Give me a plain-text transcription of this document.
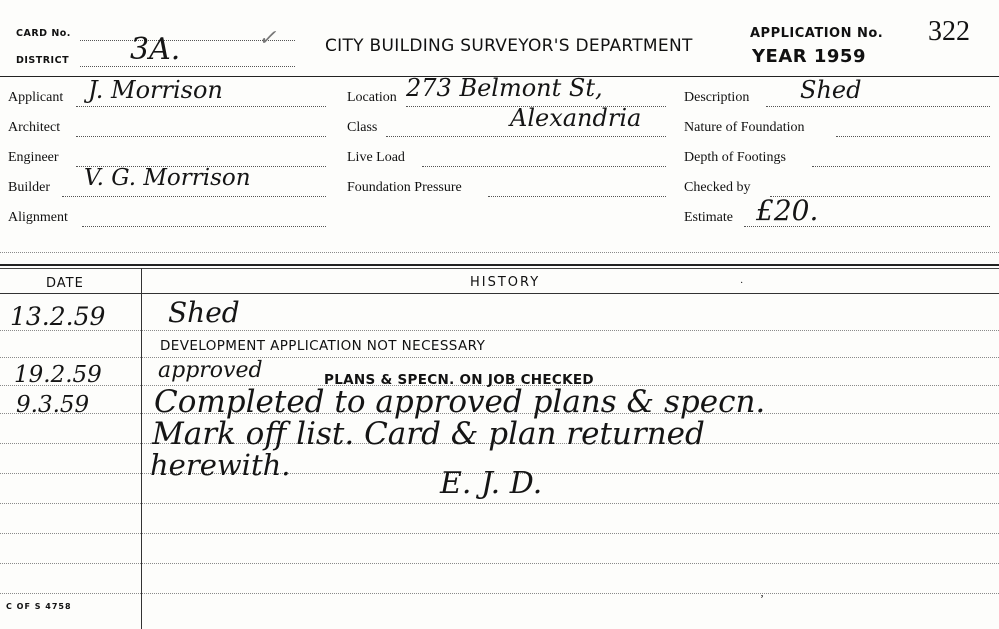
CARD No.
DISTRICT 3A.	✓	CITY BUILDING SURVEYOR'S DEPARTMENT
APPLICATION No. 322
YEAR 1959
Applicant J. Morrison
Architect
Engineer
Builder V. G. Morrison
Alignment
Location 273 Belmont St,
Class	Alexandria
Live Load
Foundation Pressure
Description Shed
Nature of Foundation
Depth of Footings
Checked by
Estimate £20.
DATE	HISTORY	·
13.2.59 Shed
DEVELOPMENT APPLICATION NOT NECESSARY
19.2.59	approved	PLANS & SPECN. ON JOB CHECKED
9.3.59 Completed to approved plans & specn.
Mark off list. Card & plan returned
herewith.
E. J. D.
C OF S 4758
ʼ
